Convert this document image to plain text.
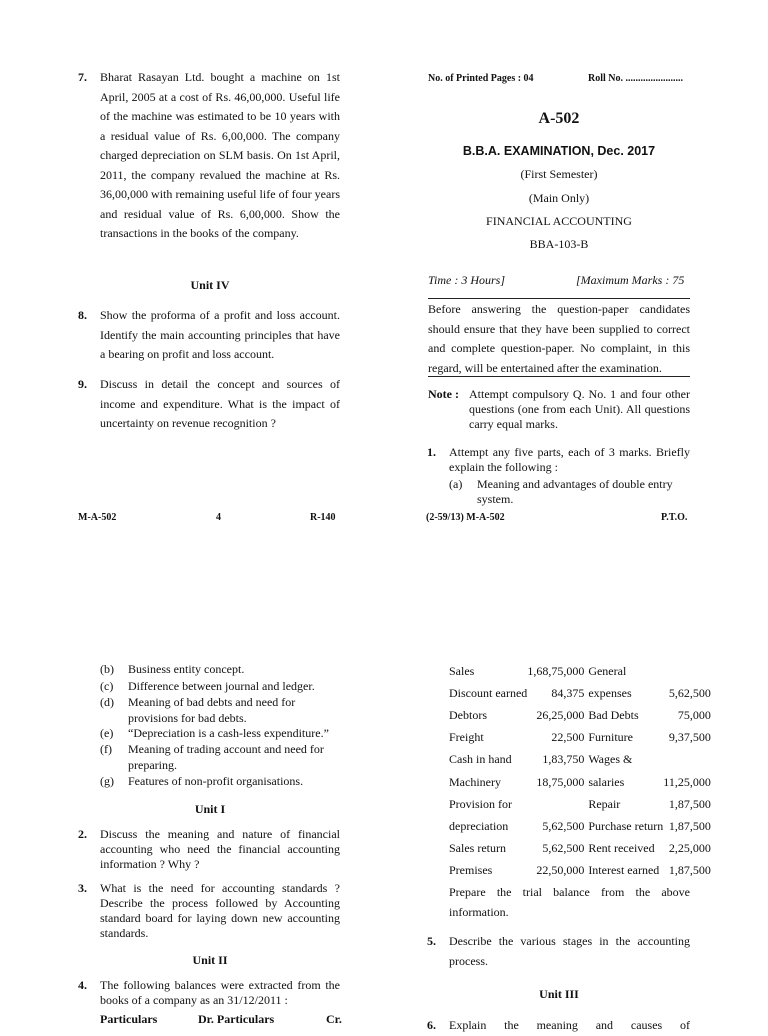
7. Bharat Rasayan Ltd. bought a machine on 1st April, 2005 at a cost of Rs. 46,00,000. Useful life of the machine was estimated to be 10 years with a residual value of Rs. 6,00,000. The company charged depreciation on SLM basis. On 1st April, 2011, the company revalued the machine at Rs. 36,00,000 with remaining useful life of four years and residual value of Rs. 6,00,000. Show the transactions in the books of the company.
Unit IV
8. Show the proforma of a profit and loss account. Identify the main accounting principles that have a bearing on profit and loss account.
9. Discuss in detail the concept and sources of income and expenditure. What is the impact of uncertainty on revenue recognition ?
M-A-502	4	R-140
No. of Printed Pages : 04	Roll No. .......................
A-502
B.B.A. EXAMINATION, Dec. 2017
(First Semester)
(Main Only)
FINANCIAL ACCOUNTING
BBA-103-B
Time : 3 Hours]	[Maximum Marks : 75
Before answering the question-paper candidates should ensure that they have been supplied to correct and complete question-paper. No complaint, in this regard, will be entertained after the examination.
Note : Attempt compulsory Q. No. 1 and four other questions (one from each Unit). All questions carry equal marks.
1. Attempt any five parts, each of 3 marks. Briefly explain the following :
(a) Meaning and advantages of double entry system.
(2-59/13) M-A-502	P.T.O.
(b) Business entity concept.
(c) Difference between journal and ledger.
(d) Meaning of bad debts and need for provisions for bad debts.
(e) “Depreciation is a cash-less expenditure.”
(f) Meaning of trading account and need for preparing.
(g) Features of non-profit organisations.
Unit I
2. Discuss the meaning and nature of financial accounting who need the financial accounting information ? Why ?
3. What is the need for accounting standards ? Describe the process followed by Accounting standard board for laying down new accounting standards.
Unit II
4. The following balances were extracted from the books of a company as an 31/12/2011 :
Particulars	Dr. Particulars	Cr.
Sales	1,68,75,000	General	
Discount earned	84,375	expenses	5,62,500
Debtors	26,25,000	Bad Debts	75,000
Freight	22,500	Furniture	9,37,500
Cash in hand	1,83,750	Wages &	
Machinery	18,75,000	salaries	11,25,000
Provision for		Repair	1,87,500
depreciation	5,62,500	Purchase return	1,87,500
Sales return	5,62,500	Rent received	2,25,000
Premises	22,50,000	Interest earned	1,87,500
Prepare the trial balance from the above information.
5. Describe the various stages in the accounting process.
Unit III
6. Explain the meaning and causes of
